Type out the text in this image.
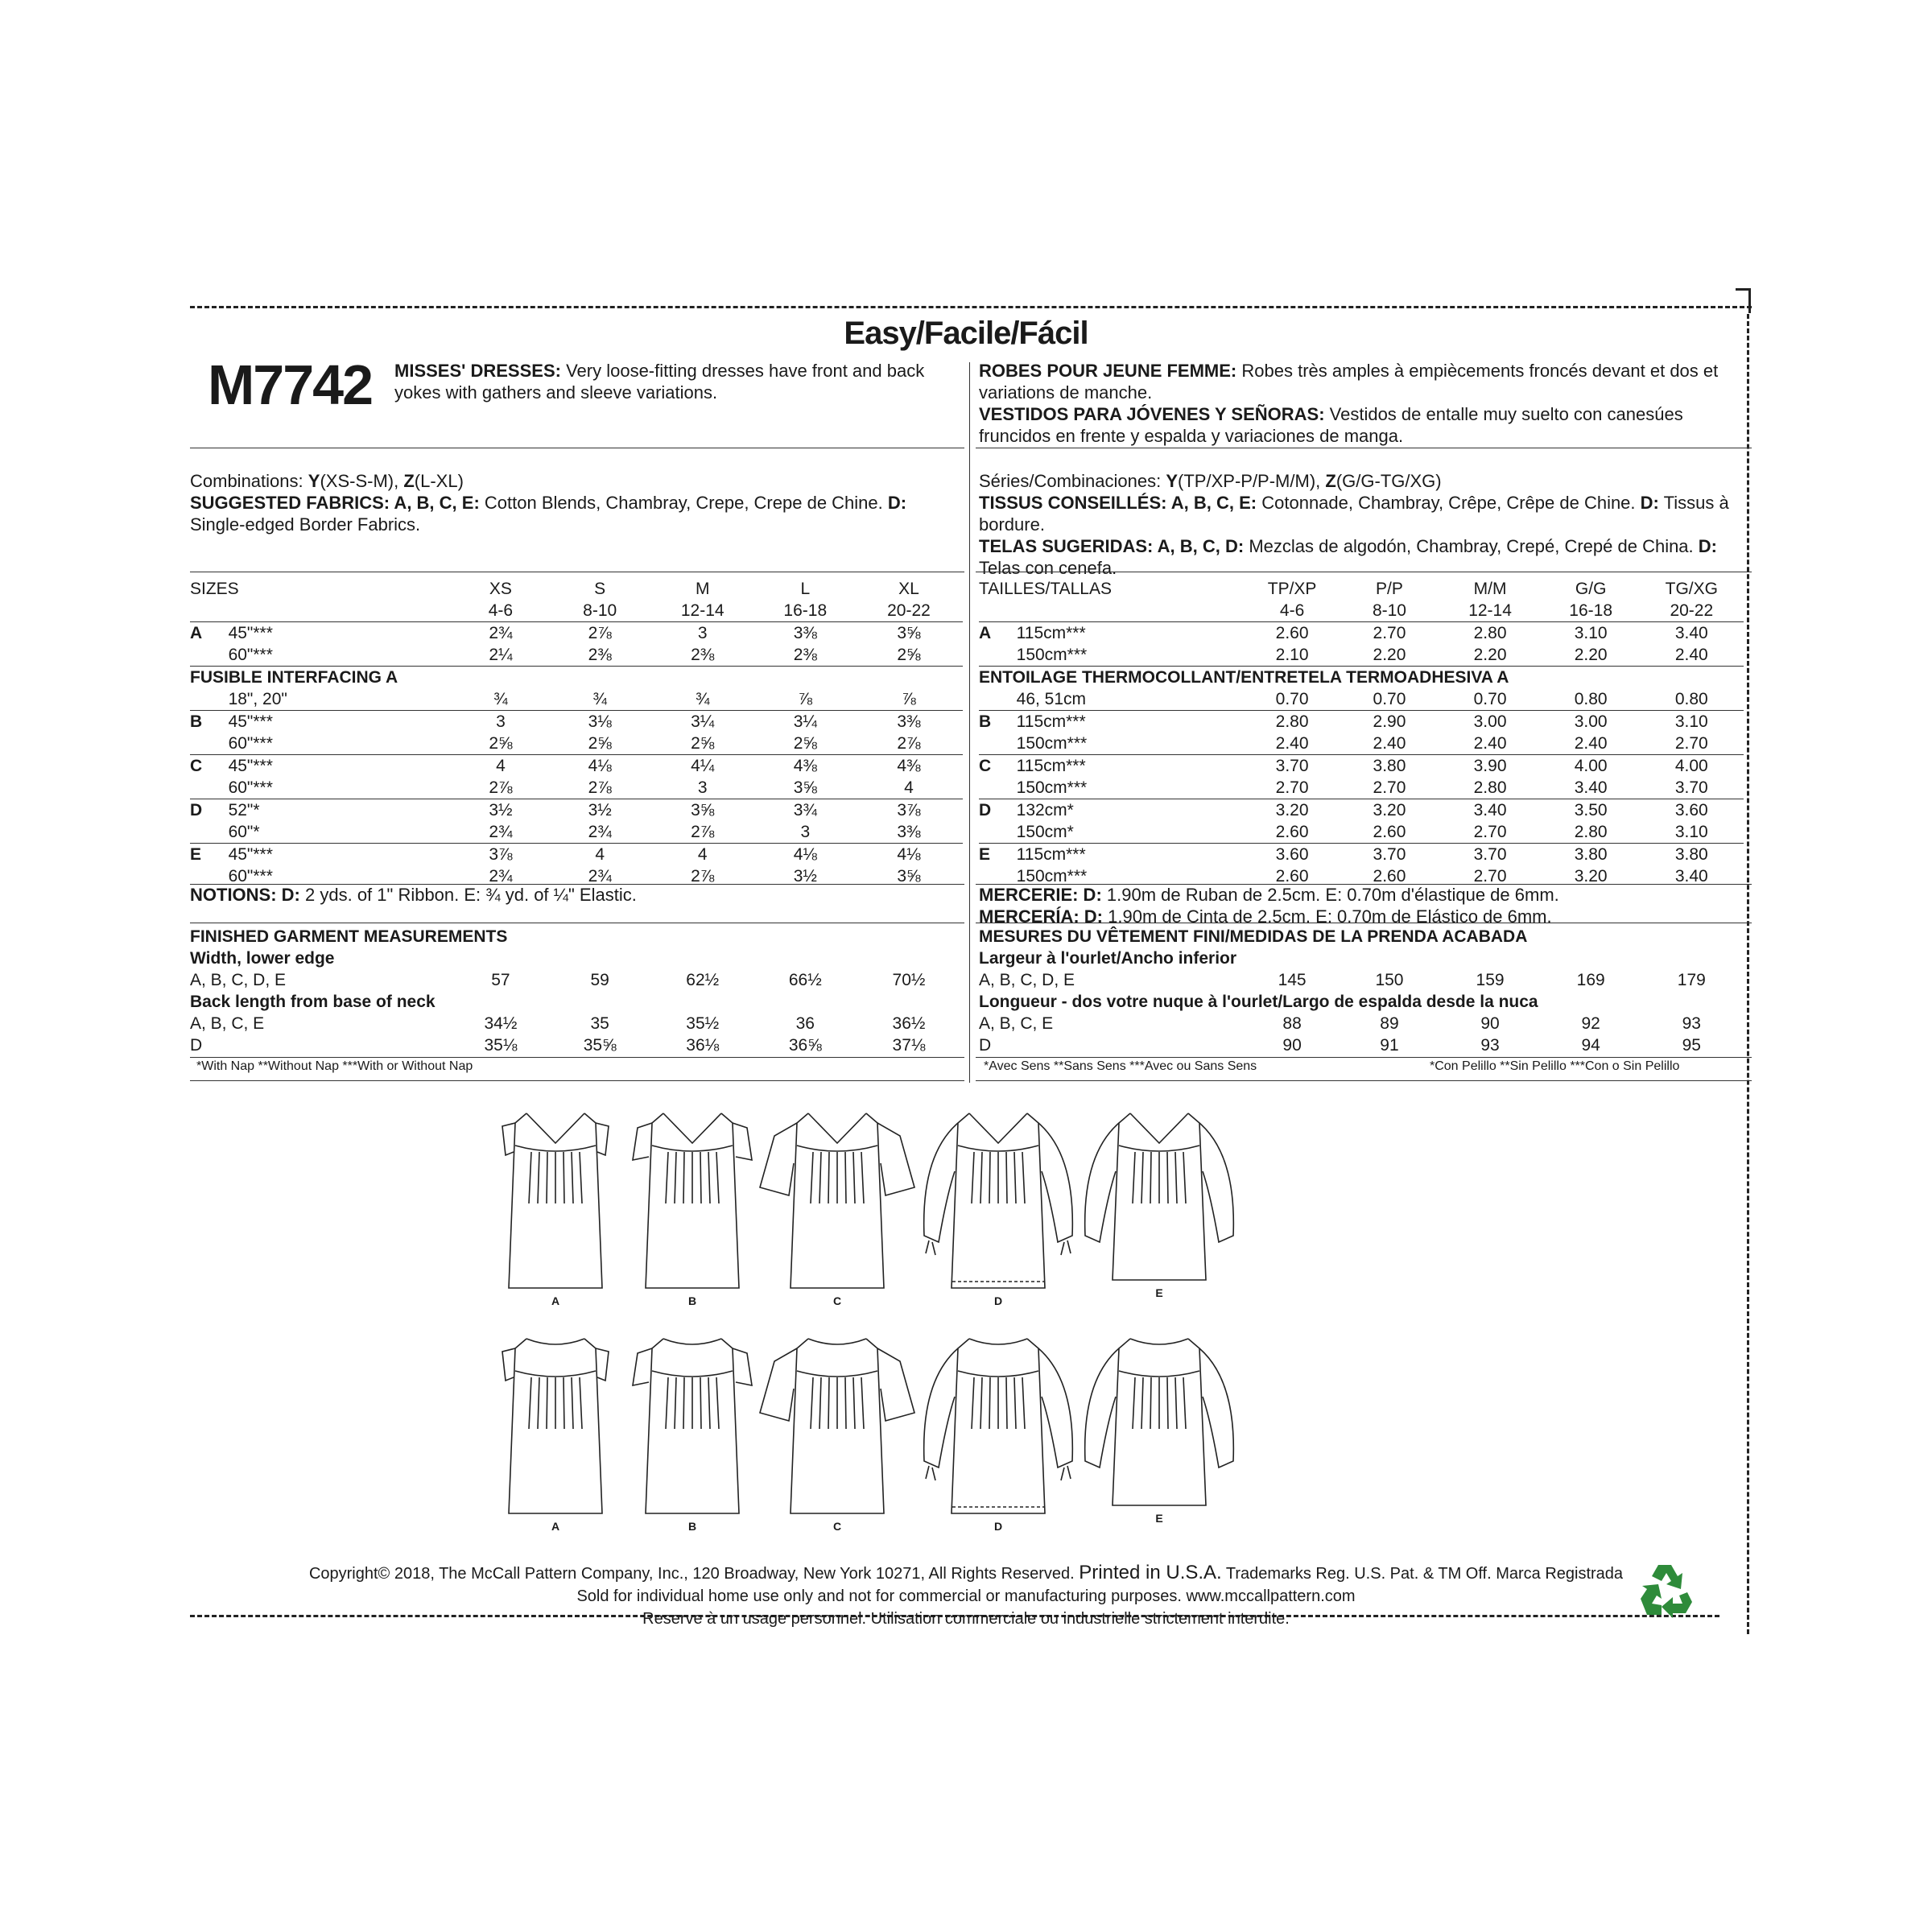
Easy/Facile/Fácil
M7742 MISSES' DRESSES: Very loose-fitting dresses have front and back yokes with gathers and sleeve variations.
Combinations: Y(XS-S-M), Z(L-XL)
SUGGESTED FABRICS: A, B, C, E: Cotton Blends, Chambray, Crepe, Crepe de Chine. D: Single-edged Border Fabrics.
SIZES		XS	S	M	L	XL
		4-6	8-10	12-14	16-18	20-22
A	45"***	2¾	2⅞	3	3⅜	3⅝
	60"***	2¼	2⅜	2⅜	2⅜	2⅝
FUSIBLE INTERFACING A						
	18", 20"	¾	¾	¾	⅞	⅞
B	45"***	3	3⅛	3¼	3¼	3⅜
	60"***	2⅝	2⅝	2⅝	2⅝	2⅞
C	45"***	4	4⅛	4¼	4⅜	4⅜
	60"***	2⅞	2⅞	3	3⅝	4
D	52"*	3½	3½	3⅝	3¾	3⅞
	60"*	2¾	2¾	2⅞	3	3⅜
E	45"***	3⅞	4	4	4⅛	4⅛
	60"***	2¾	2¾	2⅞	3½	3⅝
NOTIONS: D: 2 yds. of 1" Ribbon. E: ¾ yd. of ¼" Elastic.
FINISHED GARMENT MEASUREMENTS					
Width, lower edge					
A, B, C, D, E	57	59	62½	66½	70½
Back length from base of neck					
A, B, C, E	34½	35	35½	36	36½
D	35⅛	35⅝	36⅛	36⅝	37⅛
*With Nap **Without Nap ***With or Without Nap
ROBES POUR JEUNE FEMME: Robes très amples à empiècements froncés devant et dos et variations de manche.
VESTIDOS PARA JÓVENES Y SEÑORAS: Vestidos de entalle muy suelto con canesúes fruncidos en frente y espalda y variaciones de manga.
Séries/Combinaciones: Y(TP/XP-P/P-M/M), Z(G/G-TG/XG)
TISSUS CONSEILLÉS: A, B, C, E: Cotonnade, Chambray, Crêpe, Crêpe de Chine. D: Tissus à bordure.
TELAS SUGERIDAS: A, B, C, D: Mezclas de algodón, Chambray, Crepé, Crepé de China. D: Telas con cenefa.
TAILLES/TALLAS		TP/XP	P/P	M/M	G/G	TG/XG
		4-6	8-10	12-14	16-18	20-22
A	115cm***	2.60	2.70	2.80	3.10	3.40
	150cm***	2.10	2.20	2.20	2.20	2.40
ENTOILAGE THERMOCOLLANT/ENTRETELA TERMOADHESIVA A						
	46, 51cm	0.70	0.70	0.70	0.80	0.80
B	115cm***	2.80	2.90	3.00	3.00	3.10
	150cm***	2.40	2.40	2.40	2.40	2.70
C	115cm***	3.70	3.80	3.90	4.00	4.00
	150cm***	2.70	2.70	2.80	3.40	3.70
D	132cm*	3.20	3.20	3.40	3.50	3.60
	150cm*	2.60	2.60	2.70	2.80	3.10
E	115cm***	3.60	3.70	3.70	3.80	3.80
	150cm***	2.60	2.60	2.70	3.20	3.40
MERCERIE: D: 1.90m de Ruban de 2.5cm. E: 0.70m d'élastique de 6mm.
MERCERÍA: D: 1.90m de Cinta de 2.5cm. E: 0.70m de Elástico de 6mm.
MESURES DU VÊTEMENT FINI/MEDIDAS DE LA PRENDA ACABADA					
Largeur à l'ourlet/Ancho inferior					
A, B, C, D, E	145	150	159	169	179
Longueur - dos votre nuque à l'ourlet/Largo de espalda desde la nuca					
A, B, C, E	88	89	90	92	93
D	90	91	93	94	95
*Avec Sens **Sans Sens ***Avec ou Sans Sens	*Con Pelillo **Sin Pelillo ***Con o Sin Pelillo
A	B	C	D
E
A	B	C	D
E
Copyright© 2018, The McCall Pattern Company, Inc., 120 Broadway, New York 10271, All Rights Reserved. Printed in U.S.A. Trademarks Reg. U.S. Pat. & TM Off. Marca Registrada
Sold for individual home use only and not for commercial or manufacturing purposes. www.mccallpattern.com
Reserve à un usage personnel. Utilisation commerciale ou industrielle strictement interdite.
